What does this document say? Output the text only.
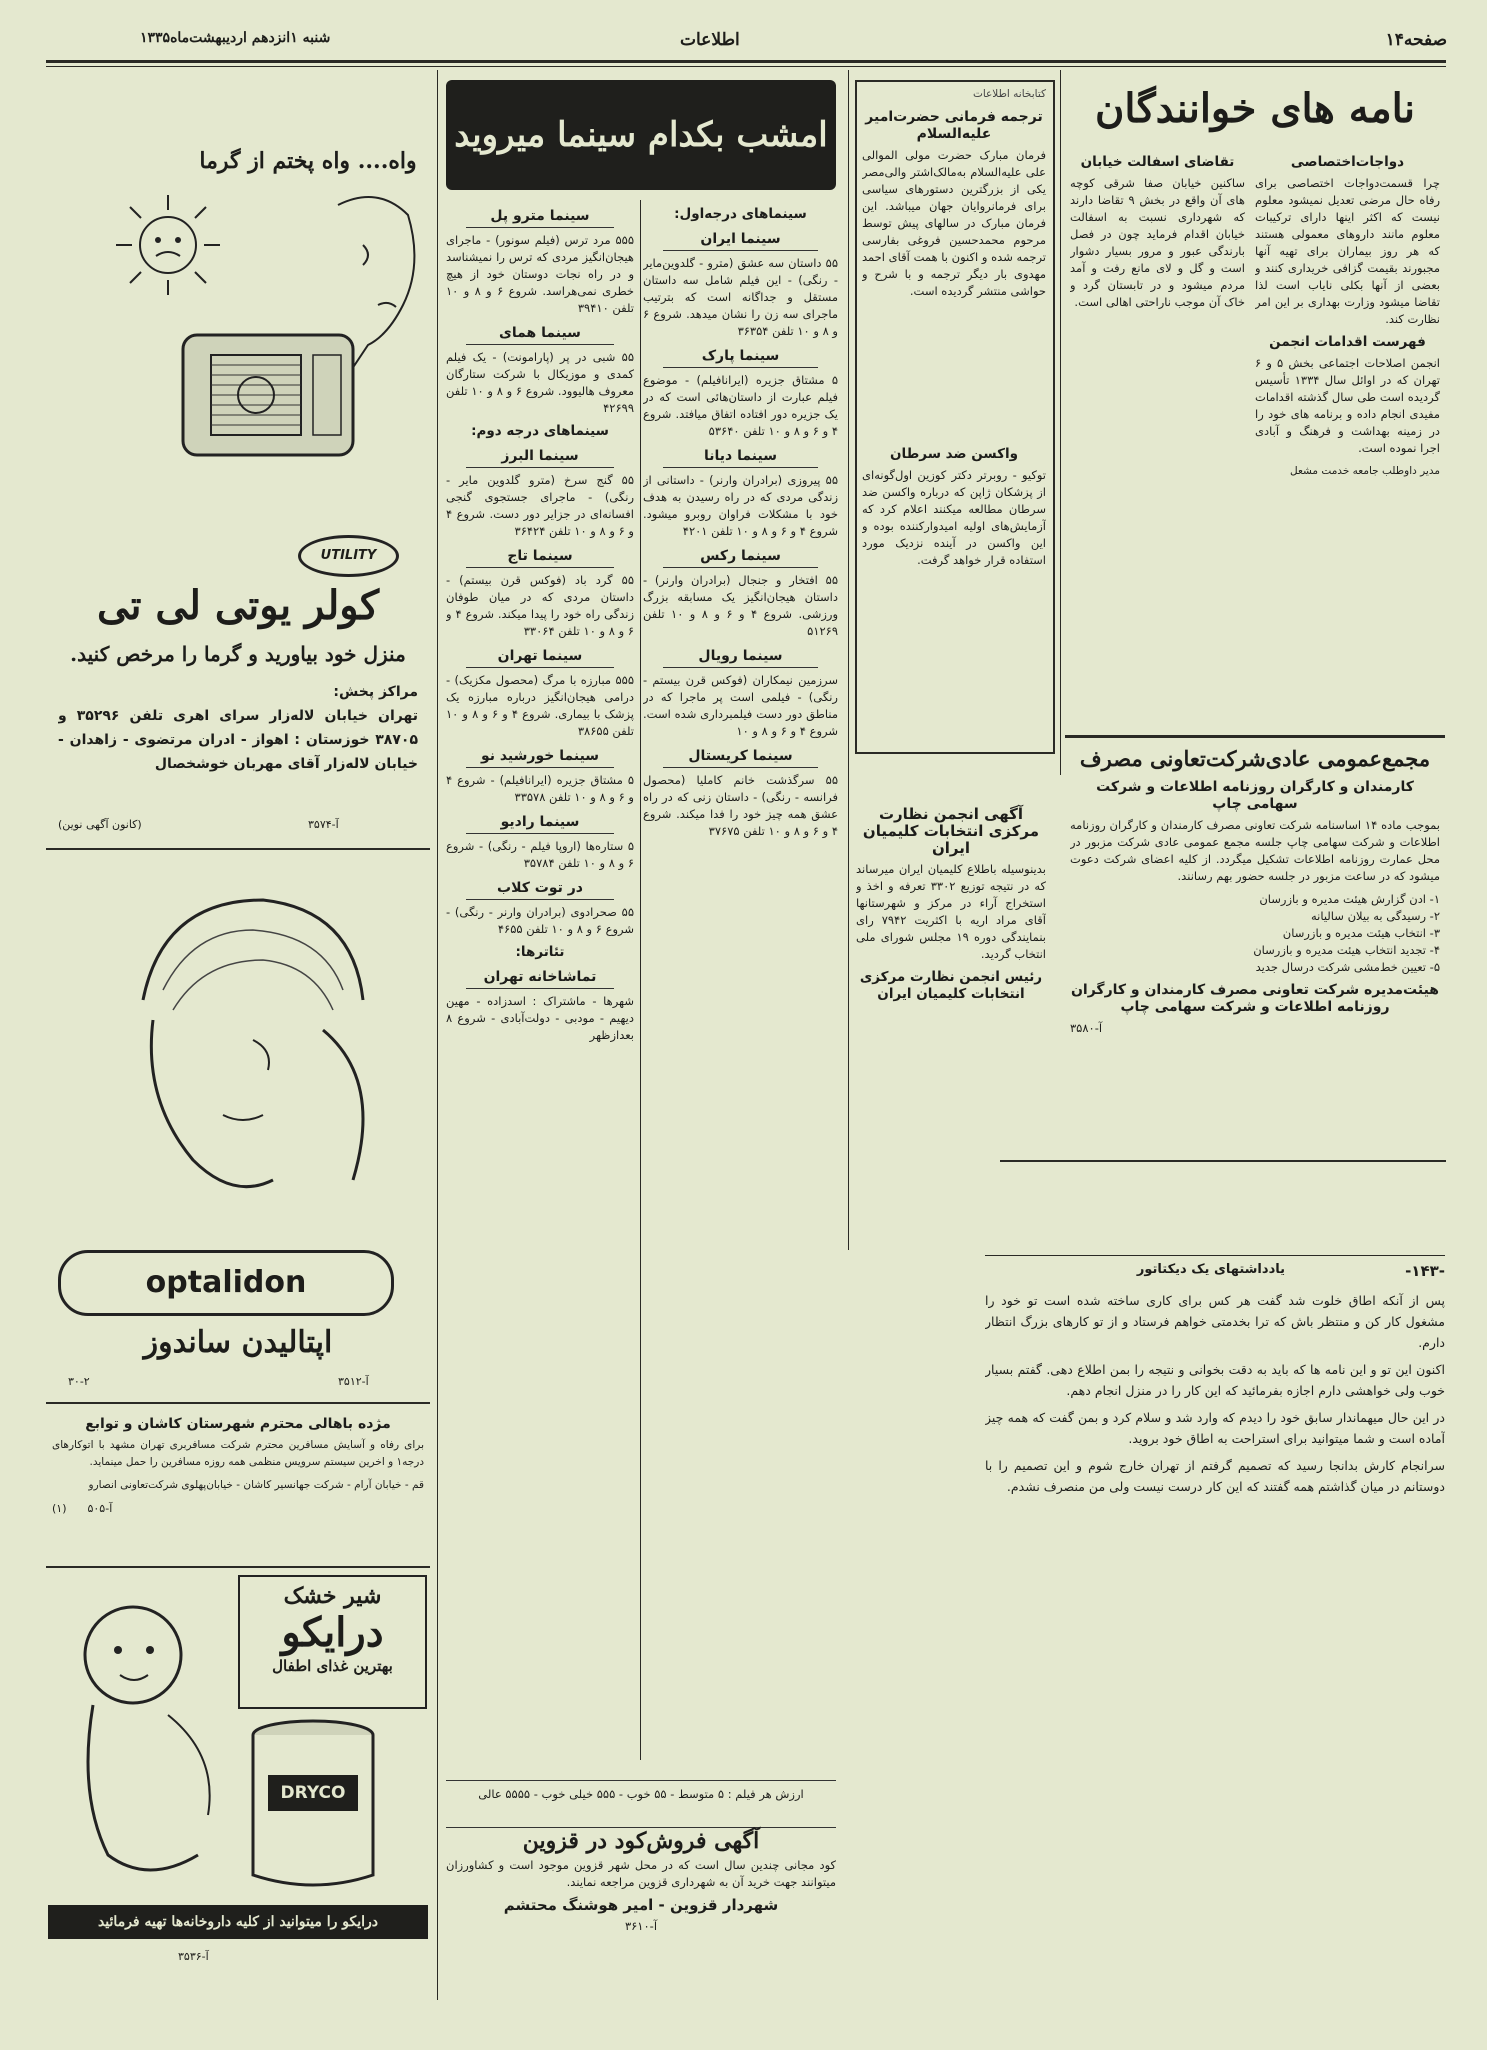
صفحه۱۴
اطلاعات
شنبه ۱انزدهم اردیبهشت‌ماه۱۳۳۵
نامه‌ های خوانندگان
دواجات‌اختصاصی

چرا قسمت‌دواجات اختصاصی برای رفاه حال مرضی تعدیل نمیشود معلوم نیست که اکثر اینها دارای ترکیبات معلوم مانند داروهای معمولی هستند که هر روز بیماران برای تهیه آنها مجبورند بقیمت گزافی خریداری کنند و بعضی از آنها بکلی نایاب است لذا تقاضا میشود وزارت بهداری بر این امر نظارت کند.

فهرست اقدامات انجمن

انجمن اصلاحات اجتماعی بخش ۵ و ۶ تهران که در اوائل سال ۱۳۳۴ تأسیس گردیده است طی سال گذشته اقدامات مفیدی انجام داده و برنامه های خود را در زمینه بهداشت و فرهنگ و آبادی اجرا نموده است.

مدیر داوطلب جامعه خدمت مشعل

تقاضای اسفالت خیابان

ساکنین خیابان صفا شرقی کوچه های آن واقع در بخش ۹ تقاضا دارند که شهرداری نسبت به اسفالت خیابان اقدام فرماید چون در فصل بارندگی عبور و مرور بسیار دشوار است و گل و لای مانع رفت و آمد مردم میشود و در تابستان گرد و خاک آن موجب ناراحتی اهالی است.

کتابخانه اطلاعات
ترجمه فرمانی حضرت‌امیر علیه‌السلام

فرمان مبارک حضرت مولی الموالی علی علیه‌السلام به‌مالک‌اشتر والی‌مصر یکی از بزرگترین دستورهای سیاسی برای فرمانروایان جهان میباشد. این فرمان مبارک در سالهای پیش توسط مرحوم محمدحسین فروغی بفارسی ترجمه شده و اکنون با همت آقای احمد مهدوی بار دیگر ترجمه و با شرح و حواشی منتشر گردیده است.

واکسن ضد سرطان

توکیو - روبرتر دکتر کوزین اول‌گونه‌ای از پزشکان ژاپن که درباره واکسن ضد سرطان مطالعه میکنند اعلام کرد که آزمایش‌های اولیه امیدوارکننده بوده و این واکسن در آینده نزدیک مورد استفاده قرار خواهد گرفت.

آگهی انجمن نظارت مرکزی انتخابات کلیمیان ایران

بدینوسیله باطلاع کلیمیان ایران میرساند که در نتیجه توزیع ۳۳۰۲ تعرفه و اخذ و استخراج آراء در مرکز و شهرستانها آقای مراد اریه با اکثریت ۷۹۴۲ رای بنمایندگی دوره ۱۹ مجلس شورای ملی انتخاب گردید.

رئیس انجمن نظارت مرکزی انتخابات کلیمیان ایران
مجمع‌عمومی عادی‌شرکت‌تعاونی مصرف
کارمندان و کارگران روزنامه اطلاعات و شرکت سهامی چاپ

بموجب ماده ۱۴ اساسنامه شرکت تعاونی مصرف کارمندان و کارگران روزنامه اطلاعات و شرکت سهامی چاپ جلسه مجمع عمومی عادی شرکت مزبور در محل عمارت روزنامه اطلاعات تشکیل میگردد. از کلیه اعضای شرکت دعوت میشود که در ساعت مزبور در جلسه حضور بهم رسانند.

۱- ادن گزارش هیئت مدیره و بازرسان
۲- رسیدگی به بیلان سالیانه
۳- انتخاب هیئت مدیره و بازرسان
۴- تجدید انتخاب هیئت مدیره و بازرسان
۵- تعیین خط‌مشی شرکت درسال جدید
هیئت‌مدیره شرکت تعاونی مصرف کارمندان و کارگران روزنامه اطلاعات و شرکت سهامی چاپ
آ-۳۵۸۰
-۱۴۳-
یادداشتهای یک دیکتاتور

پس از آنکه اطاق خلوت شد گفت هر کس برای کاری ساخته شده است تو خود را مشغول کار کن و منتظر باش که ترا بخدمتی خواهم فرستاد و از تو کارهای بزرگ انتظار دارم.

اکنون این تو و این نامه ها که باید به دقت بخوانی و نتیجه را بمن اطلاع دهی. گفتم بسیار خوب ولی خواهشی دارم اجازه بفرمائید که این کار را در منزل انجام دهم.

در این حال میهماندار سابق خود را دیدم که وارد شد و سلام کرد و بمن گفت که همه چیز آماده است و شما میتوانید برای استراحت به اطاق خود بروید.

سرانجام کارش بدانجا رسید که تصمیم گرفتم از تهران خارج شوم و این تصمیم را با دوستانم در میان گذاشتم همه گفتند که این کار درست نیست ولی من منصرف نشدم.

امشب بکدام سینما میروید
سینماهای درجه‌اول:
سینما ایران

۵۵ داستان سه عشق (مترو - گلدوین‌مایر - رنگی) - این فیلم شامل سه داستان مستقل و جداگانه است که بترتیب ماجرای سه زن را نشان میدهد. شروع ۶ و ۸ و ۱۰ تلفن ۳۶۳۵۴

سینما پارک

۵ مشتاق جزیره (ایرانافیلم) - موضوع فیلم عبارت از داستان‌هائی است که در یک جزیره دور افتاده اتفاق میافتد. شروع ۴ و ۶ و ۸ و ۱۰ تلفن ۵۳۶۴۰

سینما دیانا

۵۵ پیروزی (برادران وارنر) - داستانی از زندگی مردی که در راه رسیدن به هدف خود با مشکلات فراوان روبرو میشود. شروع ۴ و ۶ و ۸ و ۱۰ تلفن ۴۲۰۱

سینما رکس

۵۵ افتخار و جنجال (برادران وارنر) - داستان هیجان‌انگیز یک مسابقه بزرگ ورزشی. شروع ۴ و ۶ و ۸ و ۱۰ تلفن ۵۱۲۶۹

سینما رویال

سرزمین نیمکاران (فوکس قرن بیستم - رنگی) - فیلمی است پر ماجرا که در مناطق دور دست فیلمبرداری شده است. شروع ۴ و ۶ و ۸ و ۱۰

سینما کریستال

۵۵ سرگذشت خانم کاملیا (محصول فرانسه - رنگی) - داستان زنی که در راه عشق همه چیز خود را فدا میکند. شروع ۴ و ۶ و ۸ و ۱۰ تلفن ۳۷۶۷۵

سینما مترو پل

۵۵۵ مرد ترس (فیلم سونور) - ماجرای هیجان‌انگیز مردی که ترس را نمیشناسد و در راه نجات دوستان خود از هیچ خطری نمی‌هراسد. شروع ۶ و ۸ و ۱۰ تلفن ۳۹۴۱۰

سینما همای

۵۵ شبی در پر (پارامونت) - یک فیلم کمدی و موزیکال با شرکت ستارگان معروف هالیوود. شروع ۶ و ۸ و ۱۰ تلفن ۴۲۶۹۹

سینماهای درجه دوم:
سینما البرز

۵۵ گنج سرخ (مترو گلدوین مایر - رنگی) - ماجرای جستجوی گنجی افسانه‌ای در جزایر دور دست. شروع ۴ و ۶ و ۸ و ۱۰ تلفن ۳۶۴۲۴

سینما تاج

۵۵ گرد باد (فوکس قرن بیستم) - داستان مردی که در میان طوفان زندگی راه خود را پیدا میکند. شروع ۴ و ۶ و ۸ و ۱۰ تلفن ۳۳۰۶۴

سینما تهران

۵۵۵ مبارزه با مرگ (محصول مکزیک) - درامی هیجان‌انگیز درباره مبارزه یک پزشک با بیماری. شروع ۴ و ۶ و ۸ و ۱۰ تلفن ۳۸۶۵۵

سینما خورشید نو

۵ مشتاق جزیره (ایرانافیلم) - شروع ۴ و ۶ و ۸ و ۱۰ تلفن ۳۳۵۷۸

سینما رادیو

۵ ستاره‌ها (اروپا فیلم - رنگی) - شروع ۶ و ۸ و ۱۰ تلفن ۳۵۷۸۴

در توت کلاب

۵۵ صحرا‌دوی (برادران وارنر - رنگی) - شروع ۶ و ۸ و ۱۰ تلفن ۴۶۵۵

تئاترها:
تماشاخانه تهران

شهرها - ماشتراک : اسدزاده - مهین دیهیم - مودبی - دولت‌آبادی - شروع ۸ بعدازظهر

ارزش هر فیلم : ۵ متوسط - ۵۵ خوب - ۵۵۵ خیلی خوب - ۵۵۵۵ عالی
آگهی فروش‌کود در قزوین

کود مجانی چندین سال است که در محل شهر قزوین موجود است و کشاورزان میتوانند جهت خرید آن به شهرداری قزوین مراجعه نمایند.

شهردار قزوین - امیر هوشنگ محتشم
آ-۳۶۱۰
واه.... واه پختم از گرما
UTILITY
کولر یوتی لی تی
منزل خود بیاورید و گرما را مرخص کنید.
مراکز پخش:
تهران خیابان لاله‌زار سرای اهری تلفن ۳۵۲۹۶ و ۳۸۷۰۵ خوزستان : اهواز - ادران مرتضوی - زاهدان - خیابان لاله‌زار آقای مهربان خوشخصال
(کانون آگهی نوین)	آ-۳۵۷۴
optalidon
اپتالیدن ساندوز
۳۰-۲	آ-۳۵۱۲
مژده باهالی محترم شهرستان کاشان و توابع

برای رفاه و آسایش مسافرین محترم شرکت مسافربری تهران مشهد با اتوکارهای درجه۱ و اخرین سیستم سرویس منظمی همه روزه مسافرین را حمل مینماید.

قم - خیابان آرام - شرکت جهانسیر کاشان - خیابان‌پهلوی شرکت‌تعاونی انصارو

(۱) آ-۵۰۵
شیر خشک
درایکو
بهترین غذای اطفال
DRYCO
درایکو را میتوانید از کلیه داروخانه‌ها تهیه فرمائید
آ-۳۵۳۶
